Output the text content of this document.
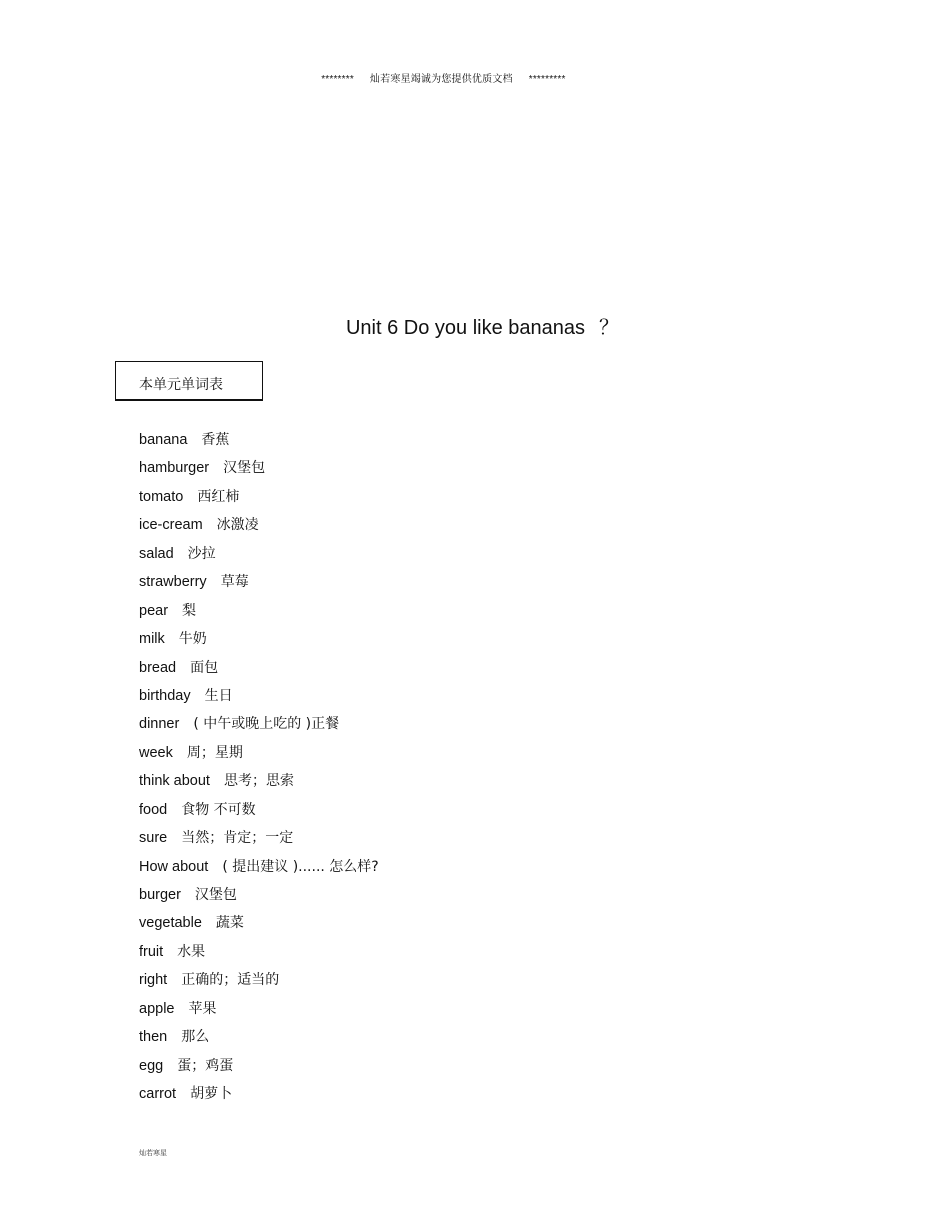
******** 灿若寒星竭诚为您提供优质文档 *********

Unit 6 Do you like bananas ？
本单元单词表
banana 香蕉
hamburger 汉堡包
tomato 西红柿
ice-cream 冰激凌
salad 沙拉
strawberry 草莓
pear 梨
milk 牛奶
bread 面包
birthday 生日
dinner ( 中午或晚上吃的 )正餐
week 周；星期
think about 思考；思索
food 食物 不可数
sure 当然；肯定；一定
How about ( 提出建议 )...... 怎么样?
burger 汉堡包
vegetable 蔬菜
fruit 水果
right 正确的；适当的
apple 苹果
then 那么
egg 蛋；鸡蛋
carrot 胡萝卜
灿若寒星
